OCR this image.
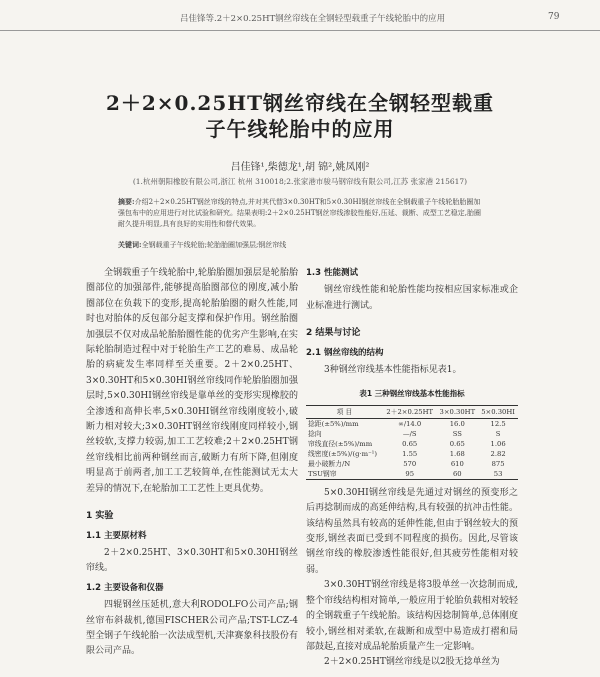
吕佳锋等.2＋2×0.25HT钢丝帘线在全钢轻型载重子午线轮胎中的应用	79
2＋2×0.25HT钢丝帘线在全钢轻型载重
子午线轮胎中的应用
吕佳锋¹,柴德龙¹,胡 锦²,姚凤刚²
(1.杭州朝阳橡胶有限公司,浙江 杭州 310018;2.张家港市骏马钢帘线有限公司,江苏 张家港 215617)
摘要:介绍2＋2×0.25HT钢丝帘线的特点,并对其代替3×0.30HT和5×0.30HI钢丝帘线在全钢载重子午线轮胎胎圈加强包布中的应用进行对比试验和研究。结果表明:2＋2×0.25HT钢丝帘线渗胶性能好,压延、裁断、成型工艺稳定,胎圈耐久提升明显,具有良好的实用性和替代效果。
关键词:全钢载重子午线轮胎;轮胎胎圈加强层;钢丝帘线

全钢载重子午线轮胎中,轮胎胎圈加强层是轮胎胎圈部位的加强部件,能够提高胎圈部位的刚度,减小胎圈部位在负载下的变形,提高轮胎胎圈的耐久性能,同时也对胎体的反包部分起支撑和保护作用。钢丝胎圈加强层不仅对成品轮胎胎圈性能的优劣产生影响,在实际轮胎制造过程中对于轮胎生产工艺的难易、成品轮胎的病疵发生率同样至关重要。2＋2×0.25HT、3×0.30HT和5×0.30HI钢丝帘线同作轮胎胎圈加强层时,5×0.30HI钢丝帘线是靠单丝的变形实现橡胶的全渗透和高伸长率,5×0.30HI钢丝帘线刚度较小,破断力相对较大;3×0.30HT钢丝帘线刚度同样较小,钢丝较软,支撑力较弱,加工工艺较难;2＋2×0.25HT钢丝帘线相比前两种钢丝而言,破断力有所下降,但刚度明显高于前两者,加工工艺较简单,在性能测试无太大差异的情况下,在轮胎加工工艺性上更具优势。

1 实验
1.1 主要原材料

2＋2×0.25HT、3×0.30HT和5×0.30HI钢丝帘线。

1.2 主要设备和仪器

四辊钢丝压延机,意大利RODOLFO公司产品;钢丝帘布斜裁机,德国FISCHER公司产品;TST-LCZ-4型全钢子午线轮胎一次法成型机,天津赛象科技股份有限公司产品。

1.3 性能测试

钢丝帘线性能和轮胎性能均按相应国家标准或企业标准进行测试。

2 结果与讨论
2.1 钢丝帘线的结构

3种钢丝帘线基本性能指标见表1。

表1 三种钢丝帘线基本性能指标
项 目	2＋2×0.25HT	3×0.30HT	5×0.30HI
捻距(±5%)/mm	∞/14.0	16.0	12.5
捻向	—/S	SS	S
帘线直径(±5%)/mm	0.65	0.65	1.06
线密度(±5%)/(g·m⁻¹)	1.55	1.68	2.82
最小破断力/N	570	610	875
TSU钢帘	95	60	53

5×0.30HI钢丝帘线是先通过对钢丝的预变形之后再捻制而成的高延伸结构,具有较强的抗冲击性能。该结构虽然具有较高的延伸性能,但由于钢丝较大的预变形,钢丝表面已受到不同程度的损伤。因此,尽管该钢丝帘线的橡胶渗透性能很好,但其疲劳性能相对较弱。

3×0.30HT钢丝帘线是将3股单丝一次捻制而成,整个帘线结构相对简单,一般应用于轮胎负载相对较轻的全钢载重子午线轮胎。该结构因捻制简单,总体刚度较小,钢丝相对柔软,在裁断和成型中易造成打褶和局部鼓起,直接对成品轮胎质量产生一定影响。

2＋2×0.25HT钢丝帘线是以2股无捻单丝为
